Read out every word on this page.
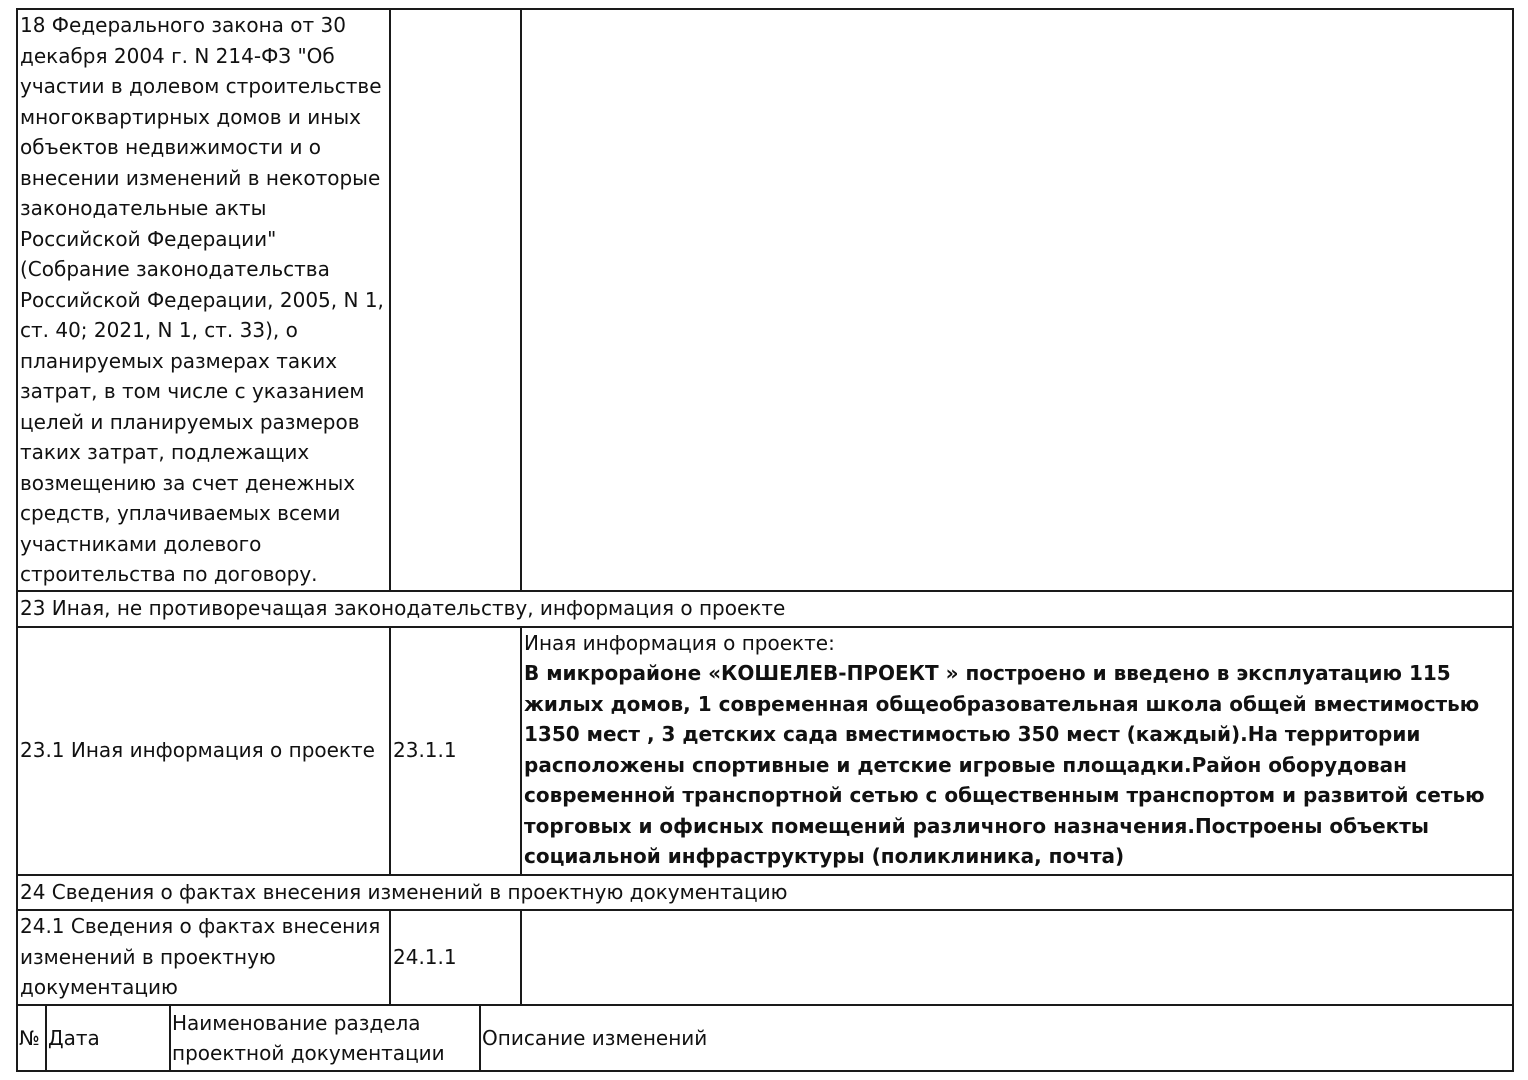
18 Федерального закона от 30 декабря 2004 г. N 214-ФЗ "Об участии в долевом строительстве многоквартирных домов и иных объектов недвижимости и о внесении изменений в некоторые законодательные акты Российской Федерации" (Собрание законодательства Российской Федерации, 2005, N 1, ст. 40; 2021, N 1, ст. 33), о планируемых размерах таких затрат, в том числе с указанием целей и планируемых размеров таких затрат, подлежащих возмещению за счет денежных средств, уплачиваемых всеми участниками долевого строительства по договору.		
23 Иная, не противоречащая законодательству, информация о проекте		
23.1 Иная информация о проекте	23.1.1	Иная информация о проекте:
В микрорайоне «КОШЕЛЕВ-ПРОЕКТ » построено и введено в эксплуатацию 115 жилых домов, 1 современная общеобразовательная школа общей вместимостью 1350 мест , 3 детских сада вместимостью 350 мест (каждый).На территории расположены спортивные и детские игровые площадки.Район оборудован современной транспортной сетью с общественным транспортом и развитой сетью торговых и офисных помещений различного назначения.Построены объекты социальной инфраструктуры (поликлиника, почта)

24 Сведения о фактах внесения изменений в проектную документацию		
24.1 Сведения о фактах внесения изменений в проектную документацию	24.1.1	
№	Дата	Наименование раздела проектной документации	Описание изменений
